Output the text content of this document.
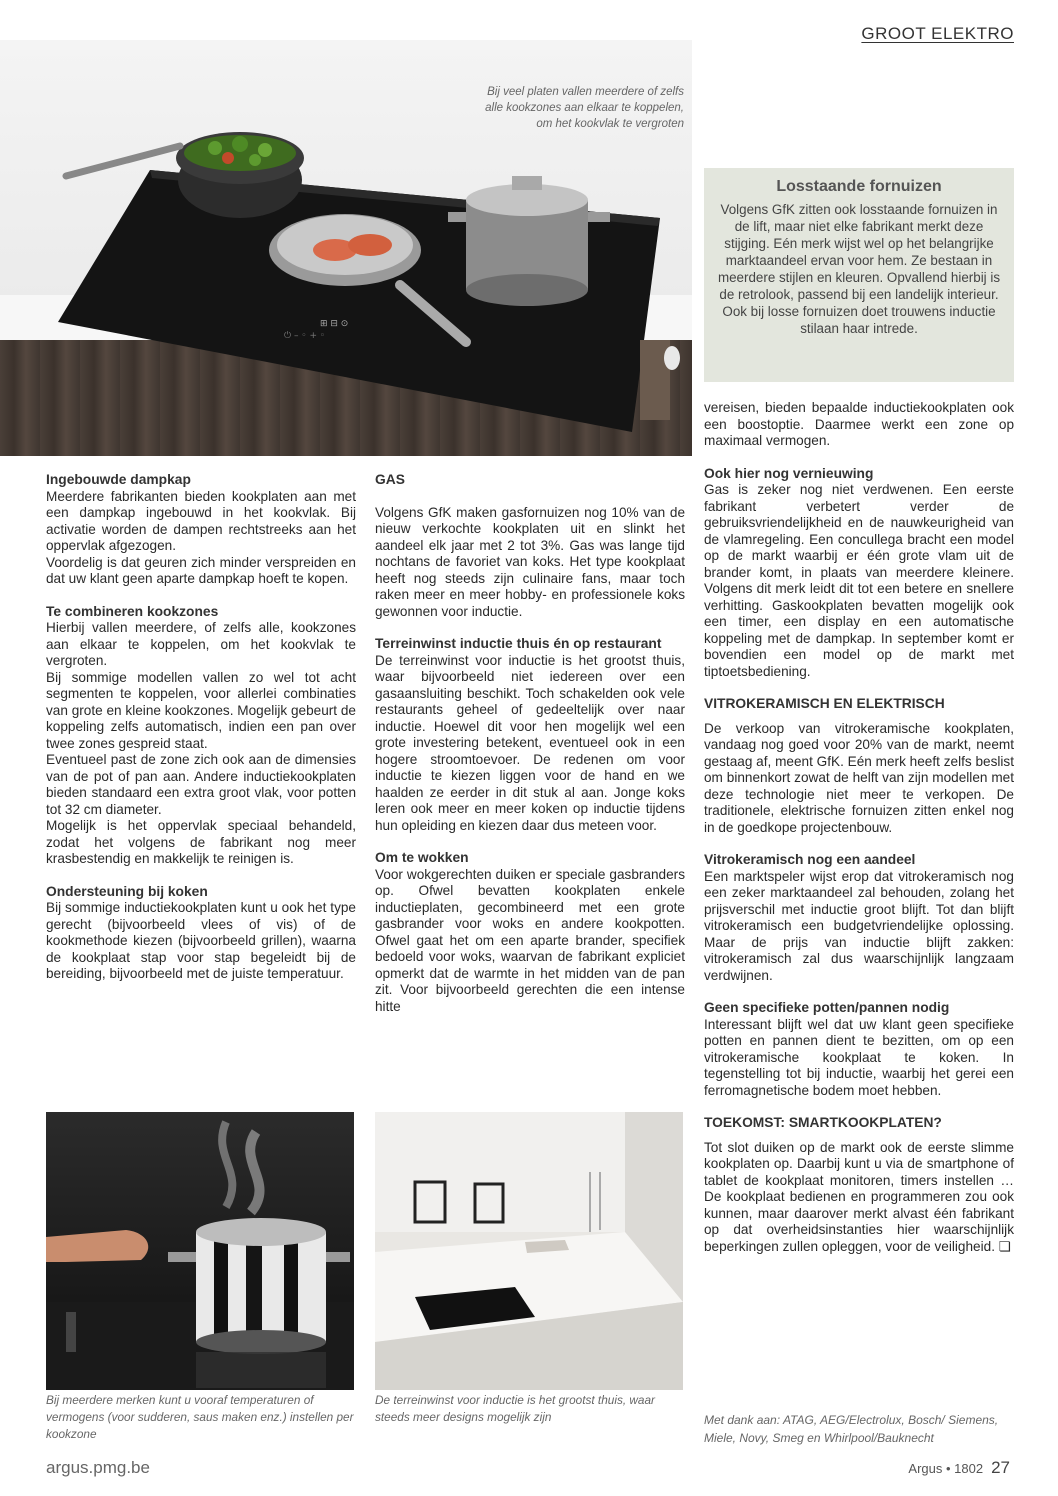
GROOT ELEKTRO
⏻ – ◦ + ◦
⊞ ⊟ ⊙
Bij veel platen vallen meerdere of zelfs alle kookzones aan elkaar te koppelen, om het kookvlak te vergroten
Losstaande fornuizen

Volgens GfK zitten ook losstaande fornuizen in de lift, maar niet elke fabrikant merkt deze stijging. Eén merk wijst wel op het belangrijke marktaandeel ervan voor hem. Ze bestaan in meerdere stijlen en kleuren. Opvallend hierbij is de retrolook, passend bij een landelijk interieur. Ook bij losse fornuizen doet trouwens inductie stilaan haar intrede.

Ingebouwde dampkap

Meerdere fabrikanten bieden kookplaten aan met een dampkap ingebouwd in het kookvlak. Bij activatie worden de dampen rechtstreeks aan het oppervlak afgezogen.

Voordelig is dat geuren zich minder verspreiden en dat uw klant geen aparte dampkap hoeft te kopen.

Te combineren kookzones

Hierbij vallen meerdere, of zelfs alle, kookzones aan elkaar te koppelen, om het kookvlak te vergroten.

Bij sommige modellen vallen zo wel tot acht segmenten te koppelen, voor allerlei combinaties van grote en kleine kookzones. Mogelijk gebeurt de koppeling zelfs automatisch, indien een pan over twee zones gespreid staat.

Eventueel past de zone zich ook aan de dimensies van de pot of pan aan. Andere inductiekookplaten bieden standaard een extra groot vlak, voor potten tot 32 cm diameter.

Mogelijk is het oppervlak speciaal behandeld, zodat het volgens de fabrikant nog meer krasbestendig en makkelijk te reinigen is.

Ondersteuning bij koken

Bij sommige inductiekookplaten kunt u ook het type gerecht (bijvoorbeeld vlees of vis) of de kookmethode kiezen (bijvoorbeeld grillen), waarna de kookplaat stap voor stap begeleidt bij de bereiding, bijvoorbeeld met de juiste temperatuur.

GAS

Volgens GfK maken gasfornuizen nog 10% van de nieuw verkochte kookplaten uit en slinkt het aandeel elk jaar met 2 tot 3%. Gas was lange tijd nochtans de favoriet van koks. Het type kookplaat heeft nog steeds zijn culinaire fans, maar toch raken meer en meer hobby- en professionele koks gewonnen voor inductie.

Terreinwinst inductie thuis én op restaurant

De terreinwinst voor inductie is het grootst thuis, waar bijvoorbeeld niet iedereen over een gasaansluiting beschikt. Toch schakelden ook vele restaurants geheel of gedeeltelijk over naar inductie. Hoewel dit voor hen mogelijk wel een grote investering betekent, eventueel ook in een hogere stroomtoevoer. De redenen om voor inductie te kiezen liggen voor de hand en we haalden ze eerder in dit stuk al aan. Jonge koks leren ook meer en meer koken op inductie tijdens hun opleiding en kiezen daar dus meteen voor.

Om te wokken

Voor wokgerechten duiken er speciale gasbranders op. Ofwel bevatten kookplaten enkele inductieplaten, gecombineerd met een grote gasbrander voor woks en andere kookpotten. Ofwel gaat het om een aparte brander, specifiek bedoeld voor woks, waarvan de fabrikant expliciet opmerkt dat de warmte in het midden van de pan zit. Voor bijvoorbeeld gerechten die een intense hitte

vereisen, bieden bepaalde inductiekookplaten ook een boostoptie. Daarmee werkt een zone op maximaal vermogen.

Ook hier nog vernieuwing

Gas is zeker nog niet verdwenen. Een eerste fabrikant verbetert verder de gebruiksvriendelijkheid en de nauwkeurigheid van de vlamregeling. Een concullega bracht een model op de markt waarbij er één grote vlam uit de brander komt, in plaats van meerdere kleinere. Volgens dit merk leidt dit tot een betere en snellere verhitting. Gaskookplaten bevatten mogelijk ook een timer, een display en een automatische koppeling met de dampkap. In september komt er bovendien een model op de markt met tiptoetsbediening.

VITROKERAMISCH EN ELEKTRISCH

De verkoop van vitrokeramische kookplaten, vandaag nog goed voor 20% van de markt, neemt gestaag af, meent GfK. Eén merk heeft zelfs beslist om binnenkort zowat de helft van zijn modellen met deze technologie niet meer te verkopen. De traditionele, elektrische fornuizen zitten enkel nog in de goedkope projectenbouw.

Vitrokeramisch nog een aandeel

Een marktspeler wijst erop dat vitrokeramisch nog een zeker marktaandeel zal behouden, zolang het prijsverschil met inductie groot blijft. Tot dan blijft vitrokeramisch een budgetvriendelijke oplossing. Maar de prijs van inductie blijft zakken: vitrokeramisch zal dus waarschijnlijk langzaam verdwijnen.

Geen specifieke potten/pannen nodig

Interessant blijft wel dat uw klant geen specifieke potten en pannen dient te bezitten, om op een vitrokeramische kookplaat te koken. In tegenstelling tot bij inductie, waarbij het gerei een ferromagnetische bodem moet hebben.

TOEKOMST: SMARTKOOKPLATEN?

Tot slot duiken op de markt ook de eerste slimme kookplaten op. Daarbij kunt u via de smartphone of tablet de kookplaat monitoren, timers instellen … De kookplaat bedienen en programmeren zou ook kunnen, maar daarover merkt alvast één fabrikant op dat overheidsinstanties hier waarschijnlijk beperkingen zullen opleggen, voor de veiligheid. ❏

Met dank aan: ATAG, AEG/Electrolux, Bosch/ Siemens, Miele, Novy, Smeg en Whirlpool/Bauknecht
Bij meerdere merken kunt u vooraf temperaturen of vermogens (voor sudderen, saus maken enz.) instellen per kookzone
De terreinwinst voor inductie is het grootst thuis, waar steeds meer designs mogelijk zijn
argus.pmg.be	Argus • 1802 27
